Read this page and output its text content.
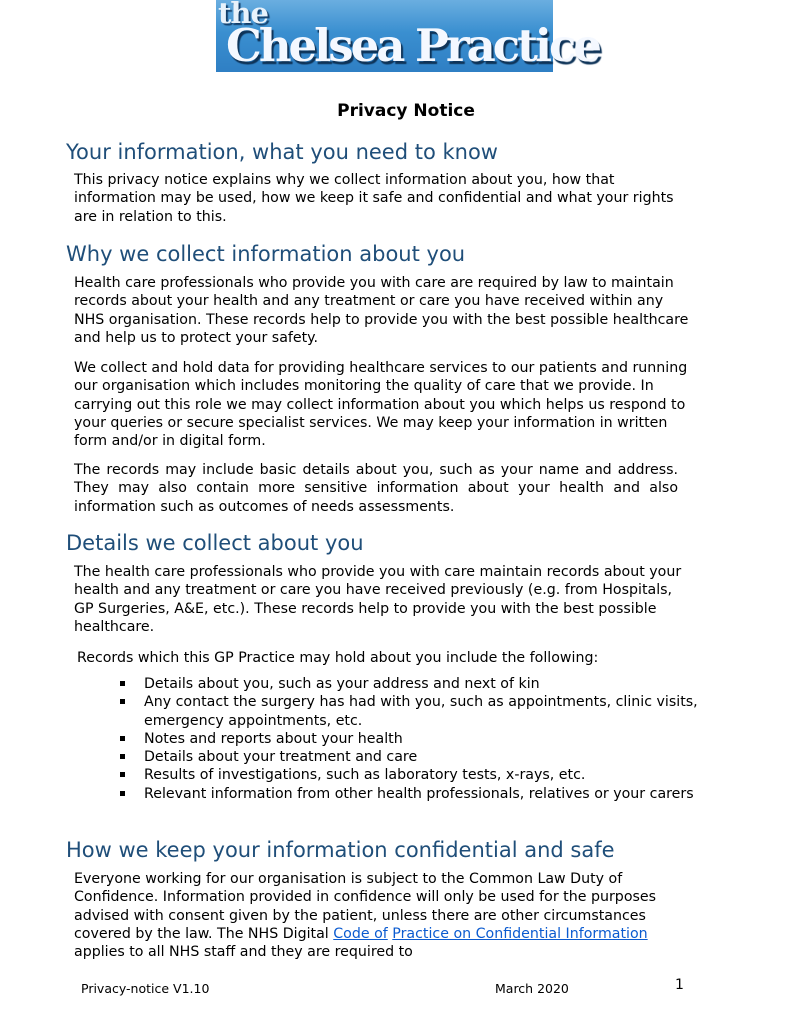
the
Chelsea Practice
Privacy Notice
Your information, what you need to know

This privacy notice explains why we collect information about you, how that information may be used, how we keep it safe and confidential and what your rights are in relation to this.

Why we collect information about you

Health care professionals who provide you with care are required by law to maintain records about your health and any treatment or care you have received within any NHS organisation. These records help to provide you with the best possible healthcare and help us to protect your safety.

We collect and hold data for providing healthcare services to our patients and running our organisation which includes monitoring the quality of care that we provide. In carrying out this role we may collect information about you which helps us respond to your queries or secure specialist services. We may keep your information in written form and/or in digital form.

The records may include basic details about you, such as your name and address. They may also contain more sensitive information about your health and also information such as outcomes of needs assessments.

Details we collect about you

The health care professionals who provide you with care maintain records about your health and any treatment or care you have received previously (e.g. from Hospitals, GP Surgeries, A&E, etc.). These records help to provide you with the best possible healthcare.

Records which this GP Practice may hold about you include the following:

Details about you, such as your address and next of kin
Any contact the surgery has had with you, such as appointments, clinic visits, emergency appointments, etc.
Notes and reports about your health
Details about your treatment and care
Results of investigations, such as laboratory tests, x-rays, etc.
Relevant information from other health professionals, relatives or your carers
How we keep your information confidential and safe

Everyone working for our organisation is subject to the Common Law Duty of Confidence. Information provided in confidence will only be used for the purposes advised with consent given by the patient, unless there are other circumstances covered by the law. The NHS Digital Code of Practice on Confidential Information applies to all NHS staff and they are required to

Privacy-notice V1.10	March 2020	1
